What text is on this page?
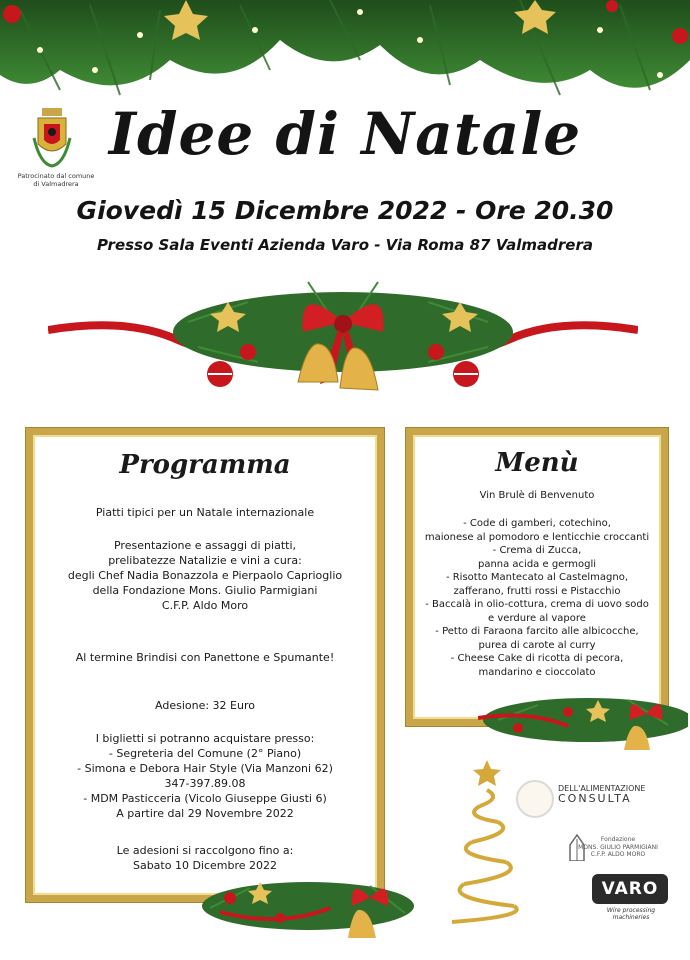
Patrocinato dal comune
di Valmadrera
Idee di Natale
Giovedì 15 Dicembre 2022 - Ore 20.30
Presso Sala Eventi Azienda Varo - Via Roma 87 Valmadrera
Programma
Piatti tipici per un Natale internazionale
Presentazione e assaggi di piatti,
prelibatezze Natalizie e vini a cura:
degli Chef Nadia Bonazzola e Pierpaolo Caprioglio
della Fondazione Mons. Giulio Parmigiani
C.F.P. Aldo Moro
Al termine Brindisi con Panettone e Spumante!
Adesione: 32 Euro
I biglietti si potranno acquistare presso:
- Segreteria del Comune (2° Piano)
- Simona e Debora Hair Style (Via Manzoni 62)
347-397.89.08
- MDM Pasticceria (Vicolo Giuseppe Giusti 6)
A partire dal 29 Novembre 2022
Le adesioni si raccolgono fino a:
Sabato 10 Dicembre 2022
Menù
Vin Brulè di Benvenuto
- Code di gamberi, cotechino,
maionese al pomodoro e lenticchie croccanti
- Crema di Zucca,
panna acida e germogli
- Risotto Mantecato al Castelmagno,
zafferano, frutti rossi e Pistacchio
- Baccalà in olio-cottura, crema di uovo sodo
e verdure al vapore
- Petto di Faraona farcito alle albicocche,
purea di carote al curry
- Cheese Cake di ricotta di pecora,
mandarino e cioccolato
DELL'ALIMENTAZIONE
CONSULTA
Fondazione
MONS. GIULIO PARMIGIANI
C.F.P. ALDO MORO
VARO
Wire processing machineries
